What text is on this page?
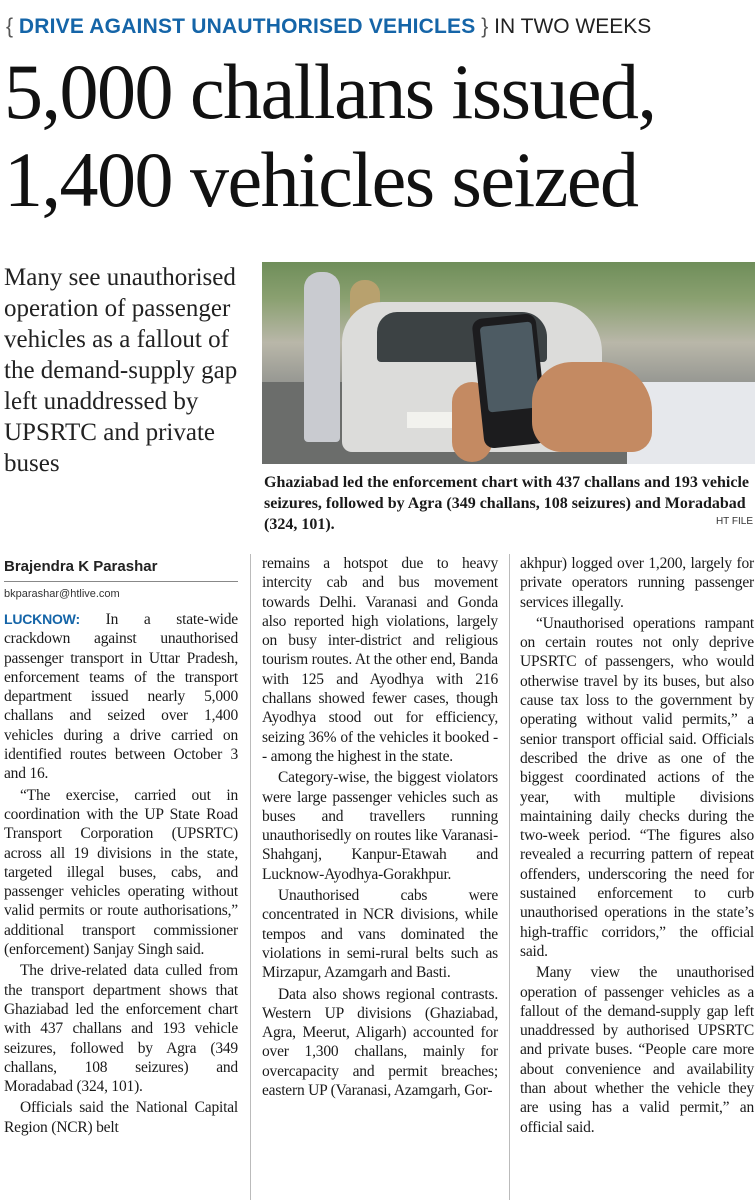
{ DRIVE AGAINST UNAUTHORISED VEHICLES } IN TWO WEEKS
5,000 challans issued,
1,400 vehicles seized
Many see unauthorised operation of passenger vehicles as a fallout of the demand-supply gap left unaddressed by UPSRTC and private buses
Ghaziabad led the enforcement chart with 437 challans and 193 vehicle seizures, followed by Agra (349 challans, 108 seizures) and Moradabad (324, 101).	HT FILE
Brajendra K Parashar
bkparashar@htlive.com

LUCKNOW: In a state-wide crackdown against unauthorised passenger transport in Uttar Pradesh, enforcement teams of the transport department issued nearly 5,000 challans and seized over 1,400 vehicles during a drive carried on identified routes between October 3 and 16.

“The exercise, carried out in coordination with the UP State Road Transport Corporation (UPSRTC) across all 19 divisions in the state, targeted illegal buses, cabs, and passenger vehicles operating without valid permits or route authorisations,” additional transport commissioner (enforcement) Sanjay Singh said.

The drive-related data culled from the transport department shows that Ghaziabad led the enforcement chart with 437 challans and 193 vehicle seizures, followed by Agra (349 challans, 108 seizures) and Moradabad (324, 101).

Officials said the National Capital Region (NCR) belt

remains a hotspot due to heavy intercity cab and bus movement towards Delhi. Varanasi and Gonda also reported high violations, largely on busy inter-district and religious tourism routes. At the other end, Banda with 125 and Ayodhya with 216 challans showed fewer cases, though Ayodhya stood out for efficiency, seizing 36% of the vehicles it booked -- among the highest in the state.

Category-wise, the biggest violators were large passenger vehicles such as buses and travellers running unauthorisedly on routes like Varanasi-Shahganj, Kanpur-Etawah and Lucknow-Ayodhya-Gorakhpur.

Unauthorised cabs were concentrated in NCR divisions, while tempos and vans dominated the violations in semi-rural belts such as Mirzapur, Azamgarh and Basti.

Data also shows regional contrasts. Western UP divisions (Ghaziabad, Agra, Meerut, Aligarh) accounted for over 1,300 challans, mainly for overcapacity and permit breaches; eastern UP (Varanasi, Azamgarh, Gor-

akhpur) logged over 1,200, largely for private operators running passenger services illegally.

“Unauthorised operations rampant on certain routes not only deprive UPSRTC of passengers, who would otherwise travel by its buses, but also cause tax loss to the government by operating without valid permits,” a senior transport official said. Officials described the drive as one of the biggest coordinated actions of the year, with multiple divisions maintaining daily checks during the two-week period. “The figures also revealed a recurring pattern of repeat offenders, underscoring the need for sustained enforcement to curb unauthorised operations in the state’s high-traffic corridors,” the official said.

Many view the unauthorised operation of passenger vehicles as a fallout of the demand-supply gap left unaddressed by authorised UPSRTC and private buses. “People care more about convenience and availability than about whether the vehicle they are using has a valid permit,” an official said.
